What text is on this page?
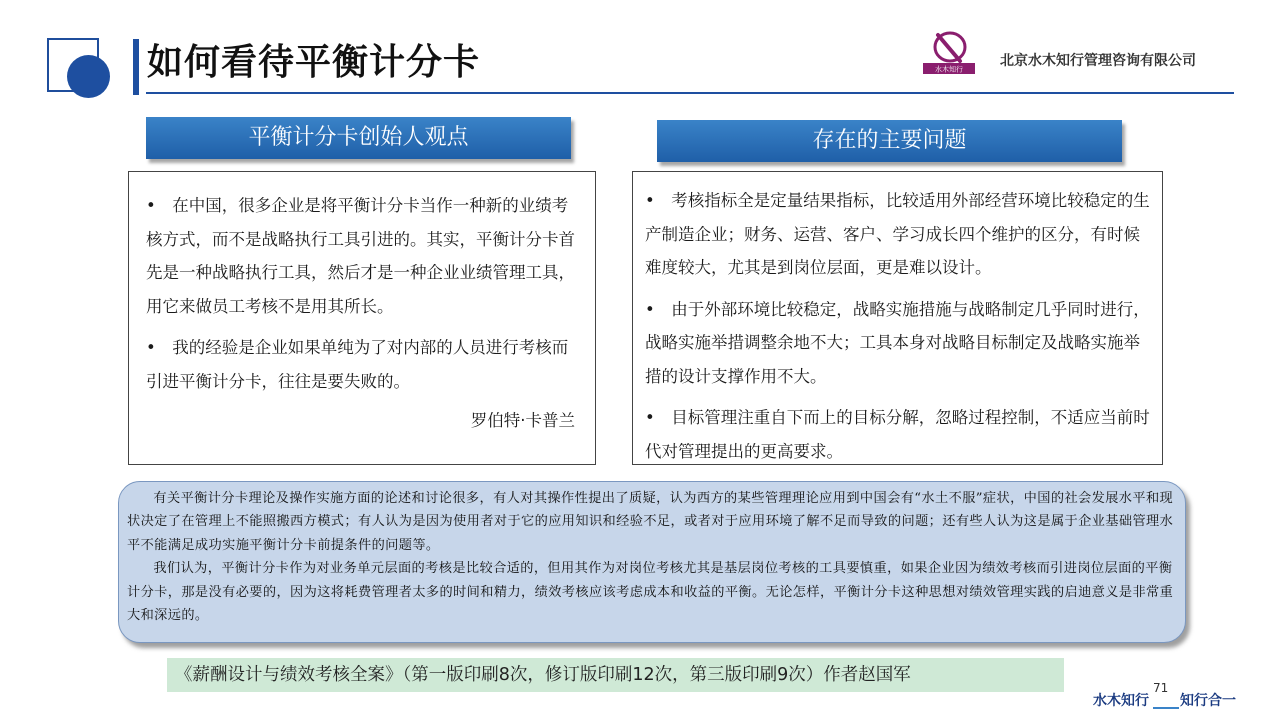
如何看待平衡计分卡	水木知行
北京水木知行管理咨询有限公司
平衡计分卡创始人观点	存在的主要问题

•　在中国，很多企业是将平衡计分卡当作一种新的业绩考核方式，而不是战略执行工具引进的。其实，平衡计分卡首先是一种战略执行工具，然后才是一种企业业绩管理工具，用它来做员工考核不是用其所长。

•　我的经验是企业如果单纯为了对内部的人员进行考核而引进平衡计分卡，往往是要失败的。

罗伯特·卡普兰

•　考核指标全是定量结果指标，比较适用外部经营环境比较稳定的生产制造企业；财务、运营、客户、学习成长四个维护的区分，有时候难度较大，尤其是到岗位层面，更是难以设计。

•　由于外部环境比较稳定，战略实施措施与战略制定几乎同时进行，战略实施举措调整余地不大；工具本身对战略目标制定及战略实施举措的设计支撑作用不大。

•　目标管理注重自下而上的目标分解，忽略过程控制，不适应当前时代对管理提出的更高要求。

有关平衡计分卡理论及操作实施方面的论述和讨论很多，有人对其操作性提出了质疑，认为西方的某些管理理论应用到中国会有“水土不服”症状，中国的社会发展水平和现状决定了在管理上不能照搬西方模式；有人认为是因为使用者对于它的应用知识和经验不足，或者对于应用环境了解不足而导致的问题；还有些人认为这是属于企业基础管理水平不能满足成功实施平衡计分卡前提条件的问题等。

我们认为，平衡计分卡作为对业务单元层面的考核是比较合适的，但用其作为对岗位考核尤其是基层岗位考核的工具要慎重，如果企业因为绩效考核而引进岗位层面的平衡计分卡，那是没有必要的，因为这将耗费管理者太多的时间和精力，绩效考核应该考虑成本和收益的平衡。无论怎样，平衡计分卡这种思想对绩效管理实践的启迪意义是非常重大和深远的。

《薪酬设计与绩效考核全案》（第一版印刷8次，修订版印刷12次，第三版印刷9次）作者赵国军
71
水木知行 知行合一
